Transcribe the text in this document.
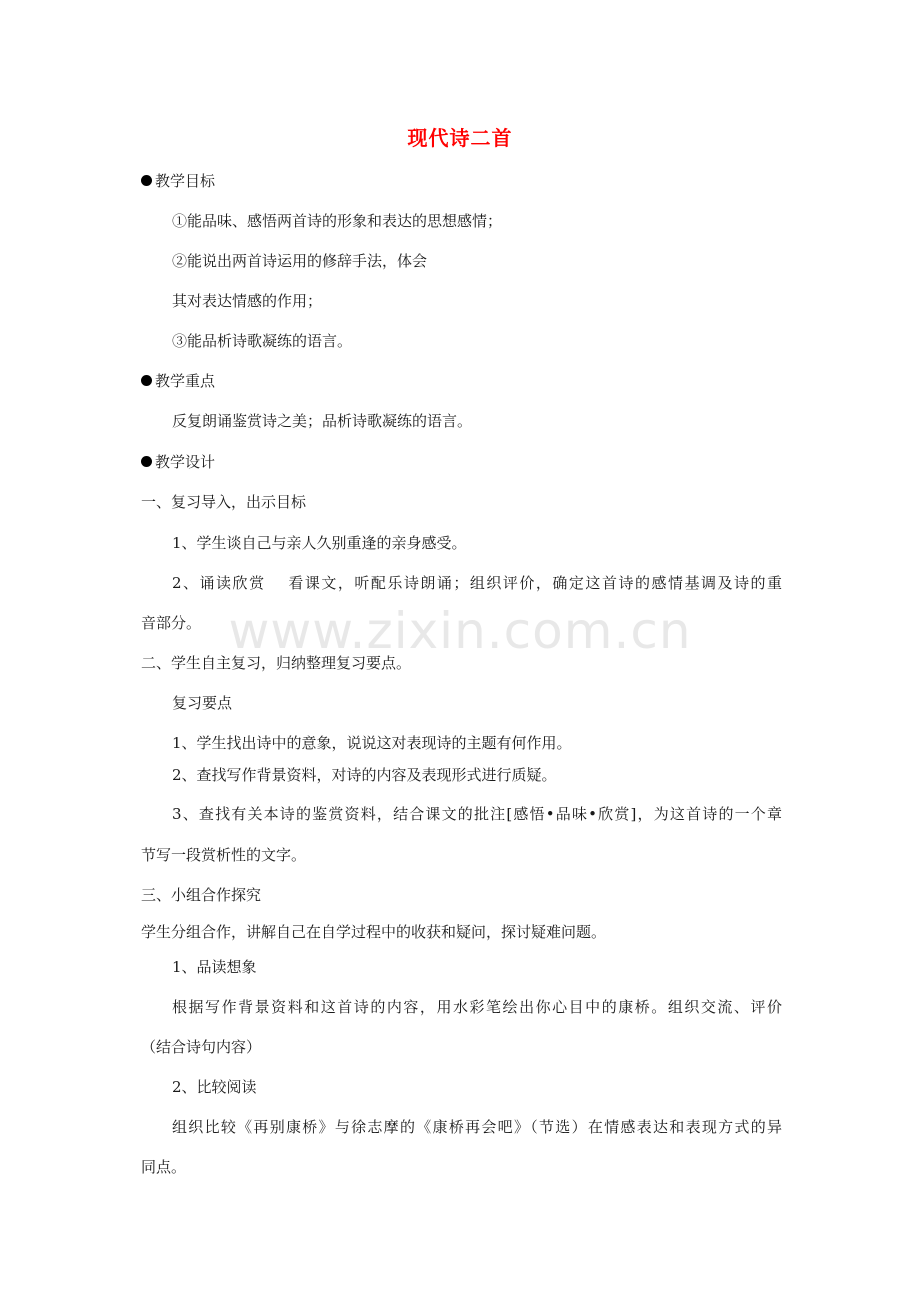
www.zixin.com.cn
现代诗二首
教学目标
①能品味、感悟两首诗的形象和表达的思想感情；
②能说出两首诗运用的修辞手法，体会
其对表达情感的作用；
③能品析诗歌凝练的语言。
教学重点
反复朗诵鉴赏诗之美；品析诗歌凝练的语言。
教学设计
一、复习导入，出示目标
1、学生谈自己与亲人久别重逢的亲身感受。
2、诵读欣赏　 看课文，听配乐诗朗诵；组织评价，确定这首诗的感情基调及诗的重
音部分。
二、学生自主复习，归纳整理复习要点。
复习要点
1、学生找出诗中的意象，说说这对表现诗的主题有何作用。
2、查找写作背景资料，对诗的内容及表现形式进行质疑。
3、查找有关本诗的鉴赏资料，结合课文的批注[感悟•品味•欣赏]，为这首诗的一个章
节写一段赏析性的文字。
三、小组合作探究
学生分组合作，讲解自己在自学过程中的收获和疑问，探讨疑难问题。
1、品读想象
根据写作背景资料和这首诗的内容，用水彩笔绘出你心目中的康桥。组织交流、评价
（结合诗句内容）
2、比较阅读
组织比较《再别康桥》与徐志摩的《康桥再会吧》（节选）在情感表达和表现方式的异
同点。
